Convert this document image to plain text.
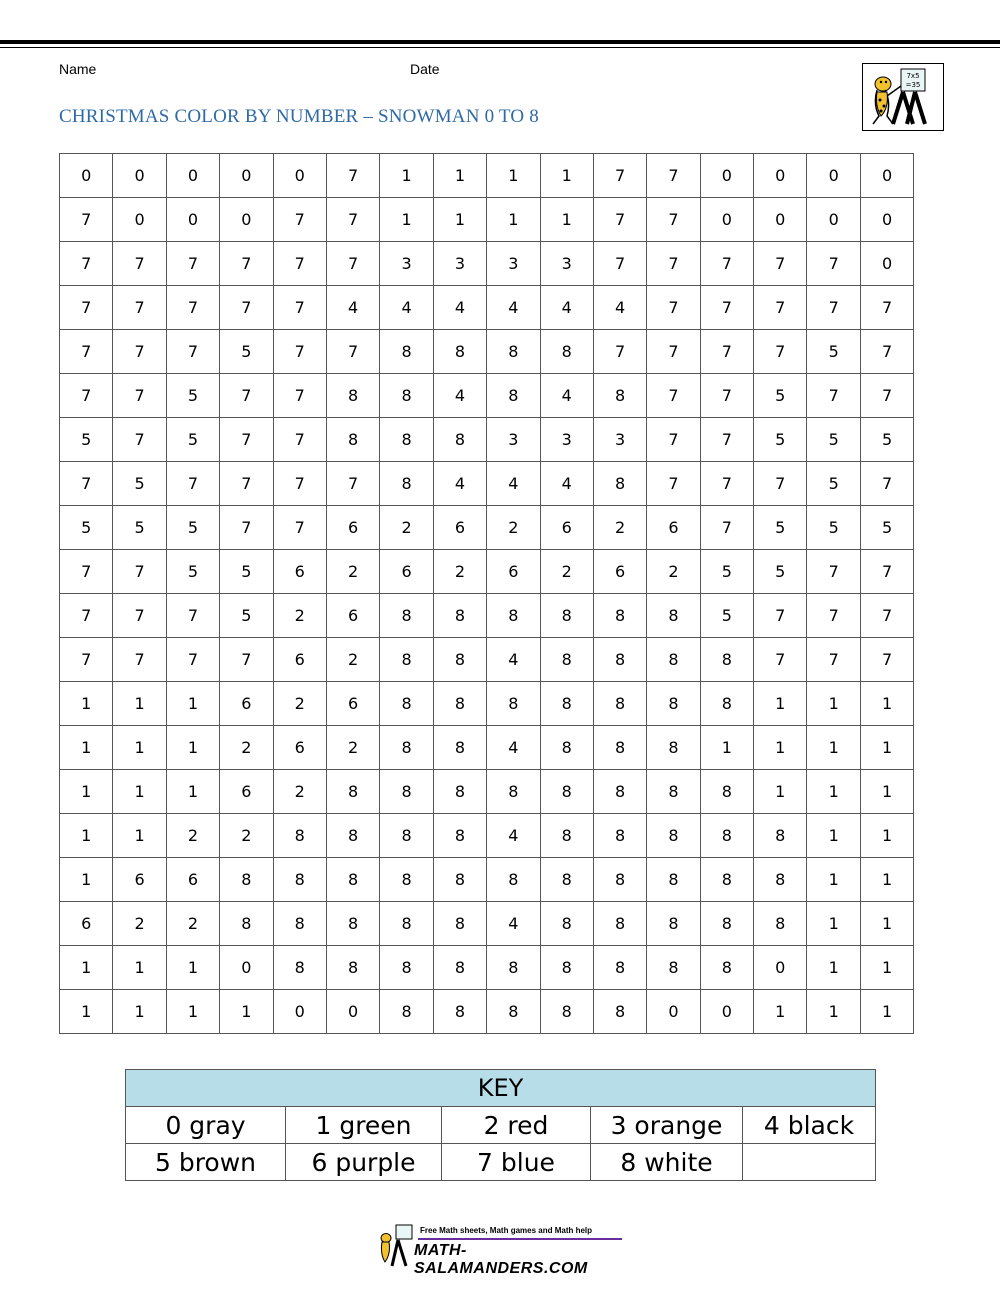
Name	Date
CHRISTMAS COLOR BY NUMBER – SNOWMAN 0 TO 8
7x5
=35
0	0	0	0	0	7	1	1	1	1	7	7	0	0	0	0
7	0	0	0	7	7	1	1	1	1	7	7	0	0	0	0
7	7	7	7	7	7	3	3	3	3	7	7	7	7	7	0
7	7	7	7	7	4	4	4	4	4	4	7	7	7	7	7
7	7	7	5	7	7	8	8	8	8	7	7	7	7	5	7
7	7	5	7	7	8	8	4	8	4	8	7	7	5	7	7
5	7	5	7	7	8	8	8	3	3	3	7	7	5	5	5
7	5	7	7	7	7	8	4	4	4	8	7	7	7	5	7
5	5	5	7	7	6	2	6	2	6	2	6	7	5	5	5
7	7	5	5	6	2	6	2	6	2	6	2	5	5	7	7
7	7	7	5	2	6	8	8	8	8	8	8	5	7	7	7
7	7	7	7	6	2	8	8	4	8	8	8	8	7	7	7
1	1	1	6	2	6	8	8	8	8	8	8	8	1	1	1
1	1	1	2	6	2	8	8	4	8	8	8	1	1	1	1
1	1	1	6	2	8	8	8	8	8	8	8	8	1	1	1
1	1	2	2	8	8	8	8	4	8	8	8	8	8	1	1
1	6	6	8	8	8	8	8	8	8	8	8	8	8	1	1
6	2	2	8	8	8	8	8	4	8	8	8	8	8	1	1
1	1	1	0	8	8	8	8	8	8	8	8	8	0	1	1
1	1	1	1	0	0	8	8	8	8	8	0	0	1	1	1
KEY				
0 gray	1 green	2 red	3 orange	4 black
5 brown	6 purple	7 blue	8 white	
Free Math sheets, Math games and Math help
MATH-SALAMANDERS.COM
